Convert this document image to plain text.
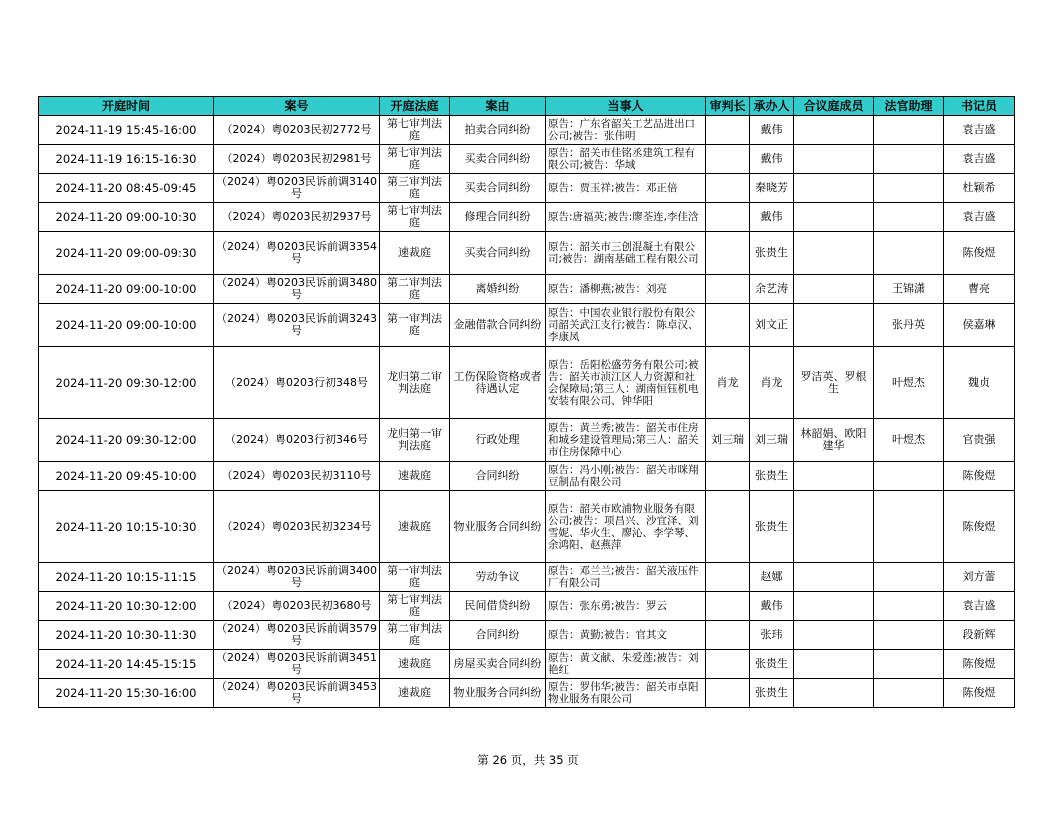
开庭时间	案号	开庭法庭	案由	当事人	审判长	承办人	合议庭成员	法官助理	书记员
2024-11-19 15:45-16:00	（2024）粤0203民初2772号	第七审判法庭	拍卖合同纠纷	原告：广东省韶关工艺品进出口公司;被告：张伟明		戴伟			袁吉盛
2024-11-19 16:15-16:30	（2024）粤0203民初2981号	第七审判法庭	买卖合同纠纷	原告：韶关市佳铭丞建筑工程有限公司;被告：华域		戴伟			袁吉盛
2024-11-20 08:45-09:45	（2024）粤0203民诉前调3140号	第三审判法庭	买卖合同纠纷	原告：贾玉祥;被告：邓正倍		秦晓芳			杜颖希
2024-11-20 09:00-10:30	（2024）粤0203民初2937号	第七审判法庭	修理合同纠纷	原告:唐福英;被告:廖荃连,李佳浛		戴伟			袁吉盛
2024-11-20 09:00-09:30	（2024）粤0203民诉前调3354号	速裁庭	买卖合同纠纷	原告：韶关市三创混凝土有限公司;被告：湖南基础工程有限公司		张贵生			陈俊煜
2024-11-20 09:00-10:00	（2024）粤0203民诉前调3480号	第二审判法庭	离婚纠纷	原告：潘柳燕;被告：刘亮		余艺涛		王锦潇	曹亮
2024-11-20 09:00-10:00	（2024）粤0203民诉前调3243号	第一审判法庭	金融借款合同纠纷	原告：中国农业银行股份有限公司韶关武江支行;被告：陈卓汉、李康凤		刘文正		张丹英	侯嘉琳
2024-11-20 09:30-12:00	（2024）粤0203行初348号	龙归第二审判法庭	工伤保险资格或者待遇认定	原告：岳阳松盛劳务有限公司;被告：韶关市浈江区人力资源和社会保障局;第三人：湖南恒钰机电安装有限公司、钟华阳	肖龙	肖龙	罗洁英、罗根生	叶煜杰	魏贞
2024-11-20 09:30-12:00	（2024）粤0203行初346号	龙归第一审判法庭	行政处理	原告：黄兰秀;被告：韶关市住房和城乡建设管理局;第三人：韶关市住房保障中心	刘三瑞	刘三瑞	林韶娟、欧阳建华	叶煜杰	官贵强
2024-11-20 09:45-10:00	（2024）粤0203民初3110号	速裁庭	合同纠纷	原告：冯小刚;被告：韶关市咪翔豆制品有限公司		张贵生			陈俊煜
2024-11-20 10:15-10:30	（2024）粤0203民初3234号	速裁庭	物业服务合同纠纷	原告：韶关市欧浦物业服务有限公司;被告：项昌兴、沙宜泽、刘雪妮、华火生、廖沁、李学琴、余鸿阳、赵燕萍		张贵生			陈俊煜
2024-11-20 10:15-11:15	（2024）粤0203民诉前调3400号	第一审判法庭	劳动争议	原告：邓兰兰;被告：韶关液压件厂有限公司		赵娜			刘方蕾
2024-11-20 10:30-12:00	（2024）粤0203民初3680号	第七审判法庭	民间借贷纠纷	原告：张东勇;被告：罗云		戴伟			袁吉盛
2024-11-20 10:30-11:30	（2024）粤0203民诉前调3579号	第二审判法庭	合同纠纷	原告：黄勤;被告：官其文		张玮			段新辉
2024-11-20 14:45-15:15	（2024）粤0203民诉前调3451号	速裁庭	房屋买卖合同纠纷	原告：黄文献、朱爱莲;被告：刘艳红		张贵生			陈俊煜
2024-11-20 15:30-16:00	（2024）粤0203民诉前调3453号	速裁庭	物业服务合同纠纷	原告：罗伟华;被告：韶关市卓阳物业服务有限公司		张贵生			陈俊煜
第 26 页，共 35 页
